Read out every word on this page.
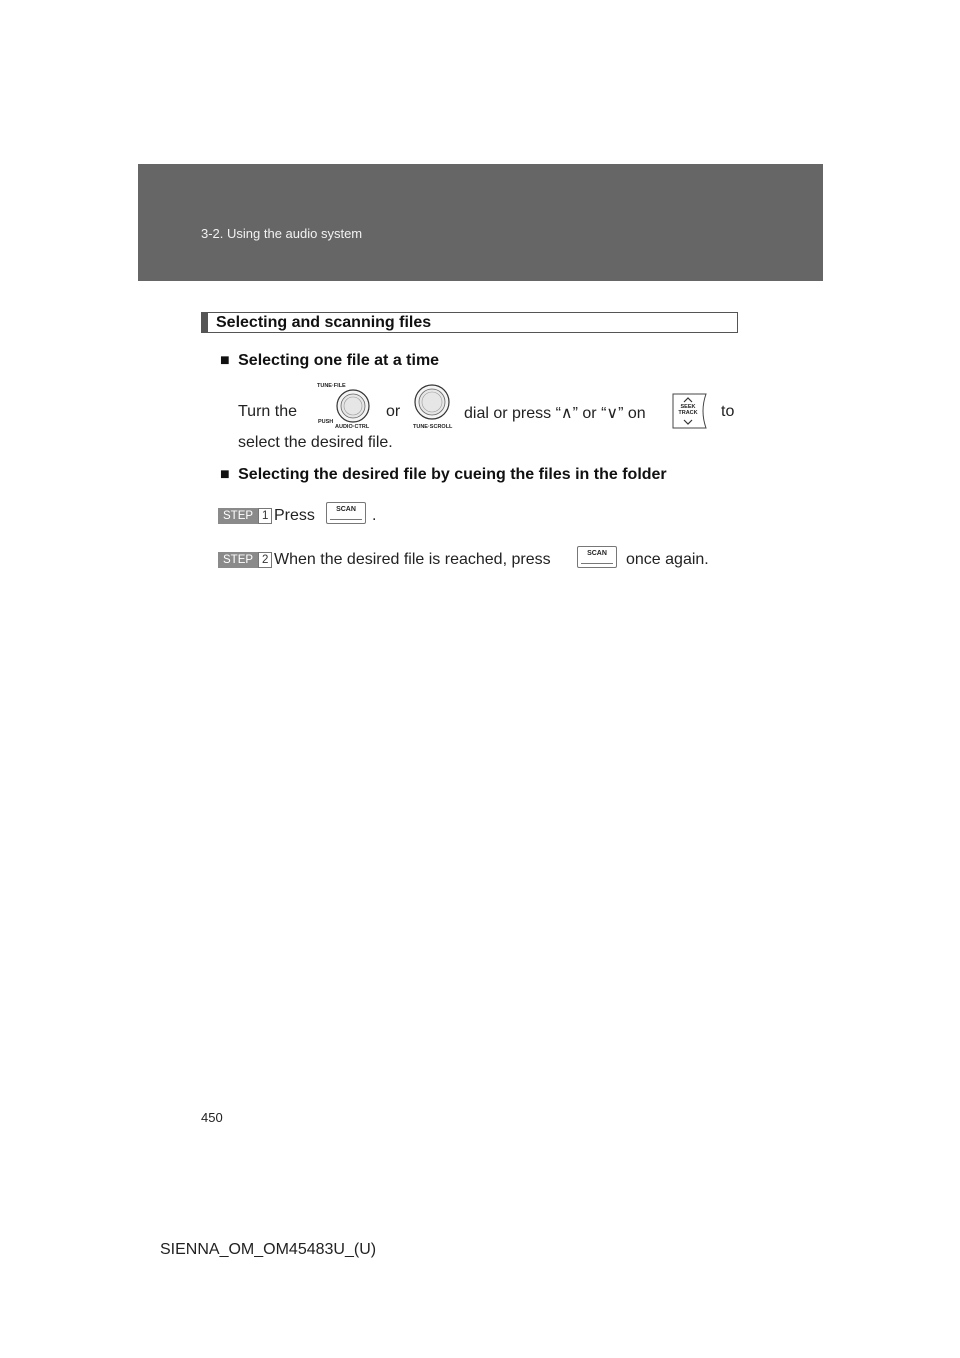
3-2. Using the audio system
Selecting and scanning files
■ Selecting one file at a time
Turn the
TUNE·FILE
PUSH
AUDIO·CTRL
or
TUNE·SCROLL
dial or press “∧” or “∨” on	SEEK
TRACK to
select the desired file.
■ Selecting the desired file by cueing the files in the folder
STEP 1 Press	SCAN	.
STEP 2 When the desired file is reached, press	SCAN	once again.
450
SIENNA_OM_OM45483U_(U)
